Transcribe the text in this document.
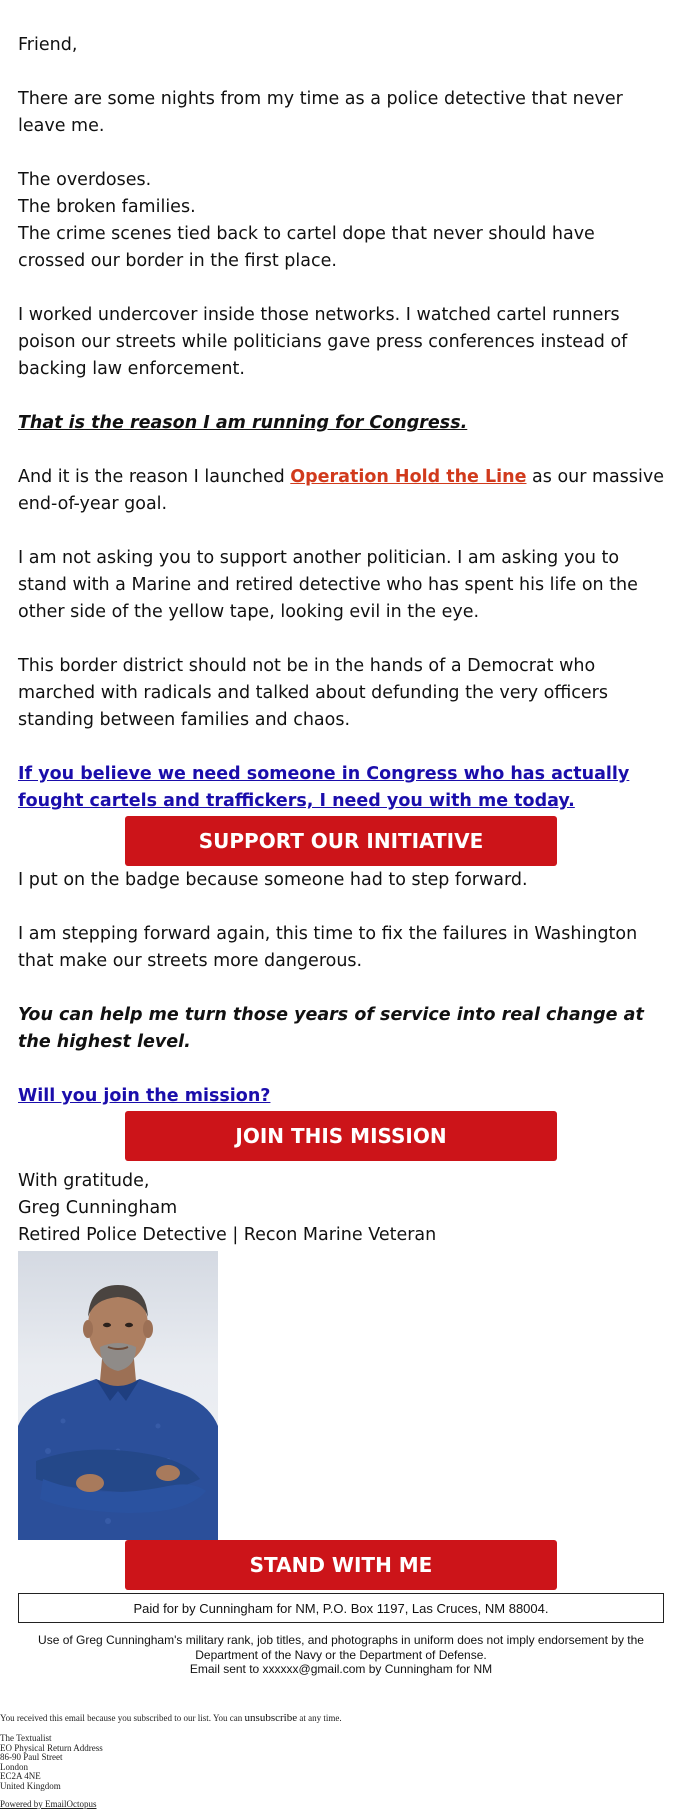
Friend,

There are some nights from my time as a police detective that never leave me.

The overdoses.

The broken families.

The crime scenes tied back to cartel dope that never should have crossed our border in the first place.

I worked undercover inside those networks. I watched cartel runners poison our streets while politicians gave press conferences instead of backing law enforcement.

That is the reason I am running for Congress.

And it is the reason I launched Operation Hold the Line as our massive end-of-year goal.

I am not asking you to support another politician. I am asking you to stand with a Marine and retired detective who has spent his life on the other side of the yellow tape, looking evil in the eye.

This border district should not be in the hands of a Democrat who marched with radicals and talked about defunding the very officers standing between families and chaos.

If you believe we need someone in Congress who has actually fought cartels and traffickers, I need you with me today.
SUPPORT OUR INITIATIVE

I put on the badge because someone had to step forward.

I am stepping forward again, this time to fix the failures in Washington that make our streets more dangerous.

You can help me turn those years of service into real change at the highest level.

Will you join the mission?
JOIN THIS MISSION

With gratitude,

Greg Cunningham

Retired Police Detective | Recon Marine Veteran

STAND WITH ME
Paid for by Cunningham for NM, P.O. Box 1197, Las Cruces, NM 88004.
Use of Greg Cunningham's military rank, job titles, and photographs in uniform does not imply endorsement by the
Department of the Navy or the Department of Defense.
Email sent to xxxxxx@gmail.com by Cunningham for NM
You received this email because you subscribed to our list. You can unsubscribe at any time.
The Textualist
EO Physical Return Address
86-90 Paul Street
London
EC2A 4NE
United Kingdom
Powered by EmailOctopus
